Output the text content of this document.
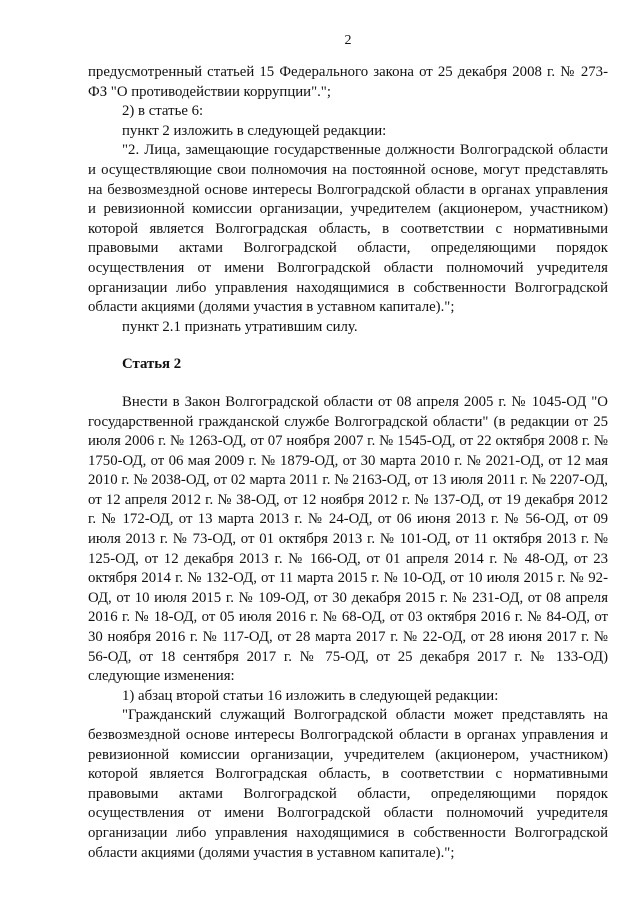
2

предусмотренный статьей 15 Федерального закона от 25 декабря 2008 г. № 273-ФЗ "О противодействии коррупции".";

2) в статье 6:

пункт 2 изложить в следующей редакции:

"2. Лица, замещающие государственные должности Волгоградской области и осуществляющие свои полномочия на постоянной основе, могут представлять на безвозмездной основе интересы Волгоградской области в органах управления и ревизионной комиссии организации, учредителем (акционером, участником) которой является Волгоградская область, в соответствии с нормативными правовыми актами Волгоградской области, определяющими порядок осуществления от имени Волгоградской области полномочий учредителя организации либо управления находящимися в собственности Волгоградской области акциями (долями участия в уставном капитале).";

пункт 2.1 признать утратившим силу.

Статья 2

Внести в Закон Волгоградской области от 08 апреля 2005 г. № 1045-ОД "О государственной гражданской службе Волгоградской области" (в редакции от 25 июля 2006 г. № 1263-ОД, от 07 ноября 2007 г. № 1545-ОД, от 22 октября 2008 г. № 1750-ОД, от 06 мая 2009 г. № 1879-ОД, от 30 марта 2010 г. № 2021-ОД, от 12 мая 2010 г. № 2038-ОД, от 02 марта 2011 г. № 2163-ОД, от 13 июля 2011 г. № 2207-ОД, от 12 апреля 2012 г. № 38-ОД, от 12 ноября 2012 г. № 137-ОД, от 19 декабря 2012 г. № 172-ОД, от 13 марта 2013 г. № 24-ОД, от 06 июня 2013 г. № 56-ОД, от 09 июля 2013 г. № 73-ОД, от 01 октября 2013 г. № 101-ОД, от 11 октября 2013 г. № 125-ОД, от 12 декабря 2013 г. № 166-ОД, от 01 апреля 2014 г. № 48-ОД, от 23 октября 2014 г. № 132-ОД, от 11 марта 2015 г. № 10-ОД, от 10 июля 2015 г. № 92-ОД, от 10 июля 2015 г. № 109-ОД, от 30 декабря 2015 г. № 231-ОД, от 08 апреля 2016 г. № 18-ОД, от 05 июля 2016 г. № 68-ОД, от 03 октября 2016 г. № 84-ОД, от 30 ноября 2016 г. № 117-ОД, от 28 марта 2017 г. № 22-ОД, от 28 июня 2017 г. № 56-ОД, от 18 сентября 2017 г. № 75-ОД, от 25 декабря 2017 г. № 133-ОД) следующие изменения:

1) абзац второй статьи 16 изложить в следующей редакции:

"Гражданский служащий Волгоградской области может представлять на безвозмездной основе интересы Волгоградской области в органах управления и ревизионной комиссии организации, учредителем (акционером, участником) которой является Волгоградская область, в соответствии с нормативными правовыми актами Волгоградской области, определяющими порядок осуществления от имени Волгоградской области полномочий учредителя организации либо управления находящимися в собственности Волгоградской области акциями (долями участия в уставном капитале).";
